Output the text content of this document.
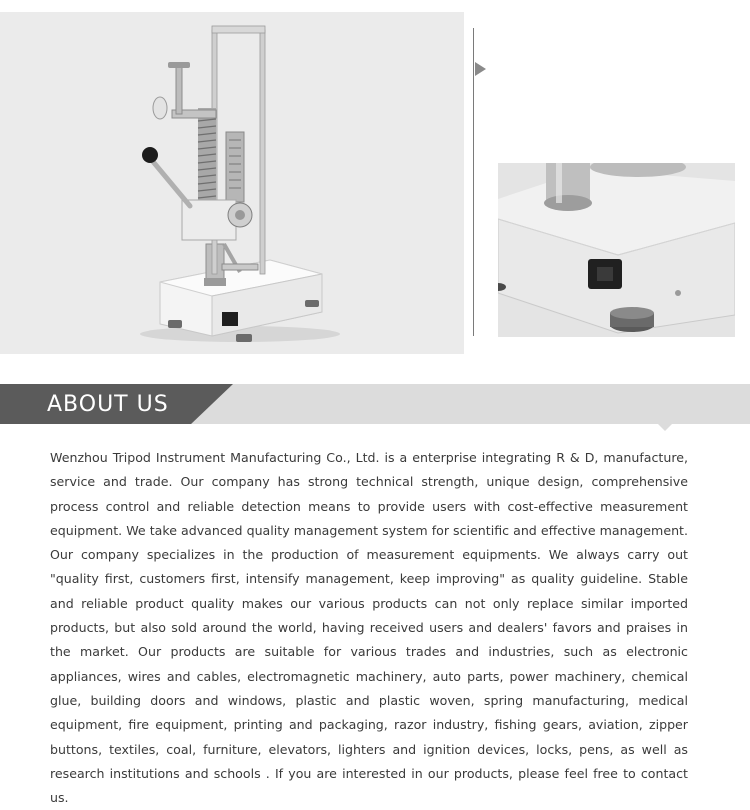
ABOUT US

Wenzhou Tripod Instrument Manufacturing Co., Ltd. is a enterprise integrating R & D, manufacture, service and trade. Our company has strong technical strength, unique design, comprehensive process control and reliable detection means to provide users with cost-effective measurement equipment. We take advanced quality management system for scientific and effective management. Our company specializes in the production of measurement equipments. We always carry out "quality first, customers first, intensify management, keep improving" as quality guideline. Stable and reliable product quality makes our various products can not only replace similar imported products, but also sold around the world, having received users and dealers' favors and praises in the market. Our products are suitable for various trades and industries, such as electronic appliances, wires and cables, electromagnetic machinery, auto parts, power machinery, chemical glue, building doors and windows, plastic and plastic woven, spring manufacturing, medical equipment, fire equipment, printing and packaging, razor industry, fishing gears, aviation, zipper buttons, textiles, coal, furniture, elevators, lighters and ignition devices, locks, pens, as well as research institutions and schools . If you are interested in our products, please feel free to contact us.
